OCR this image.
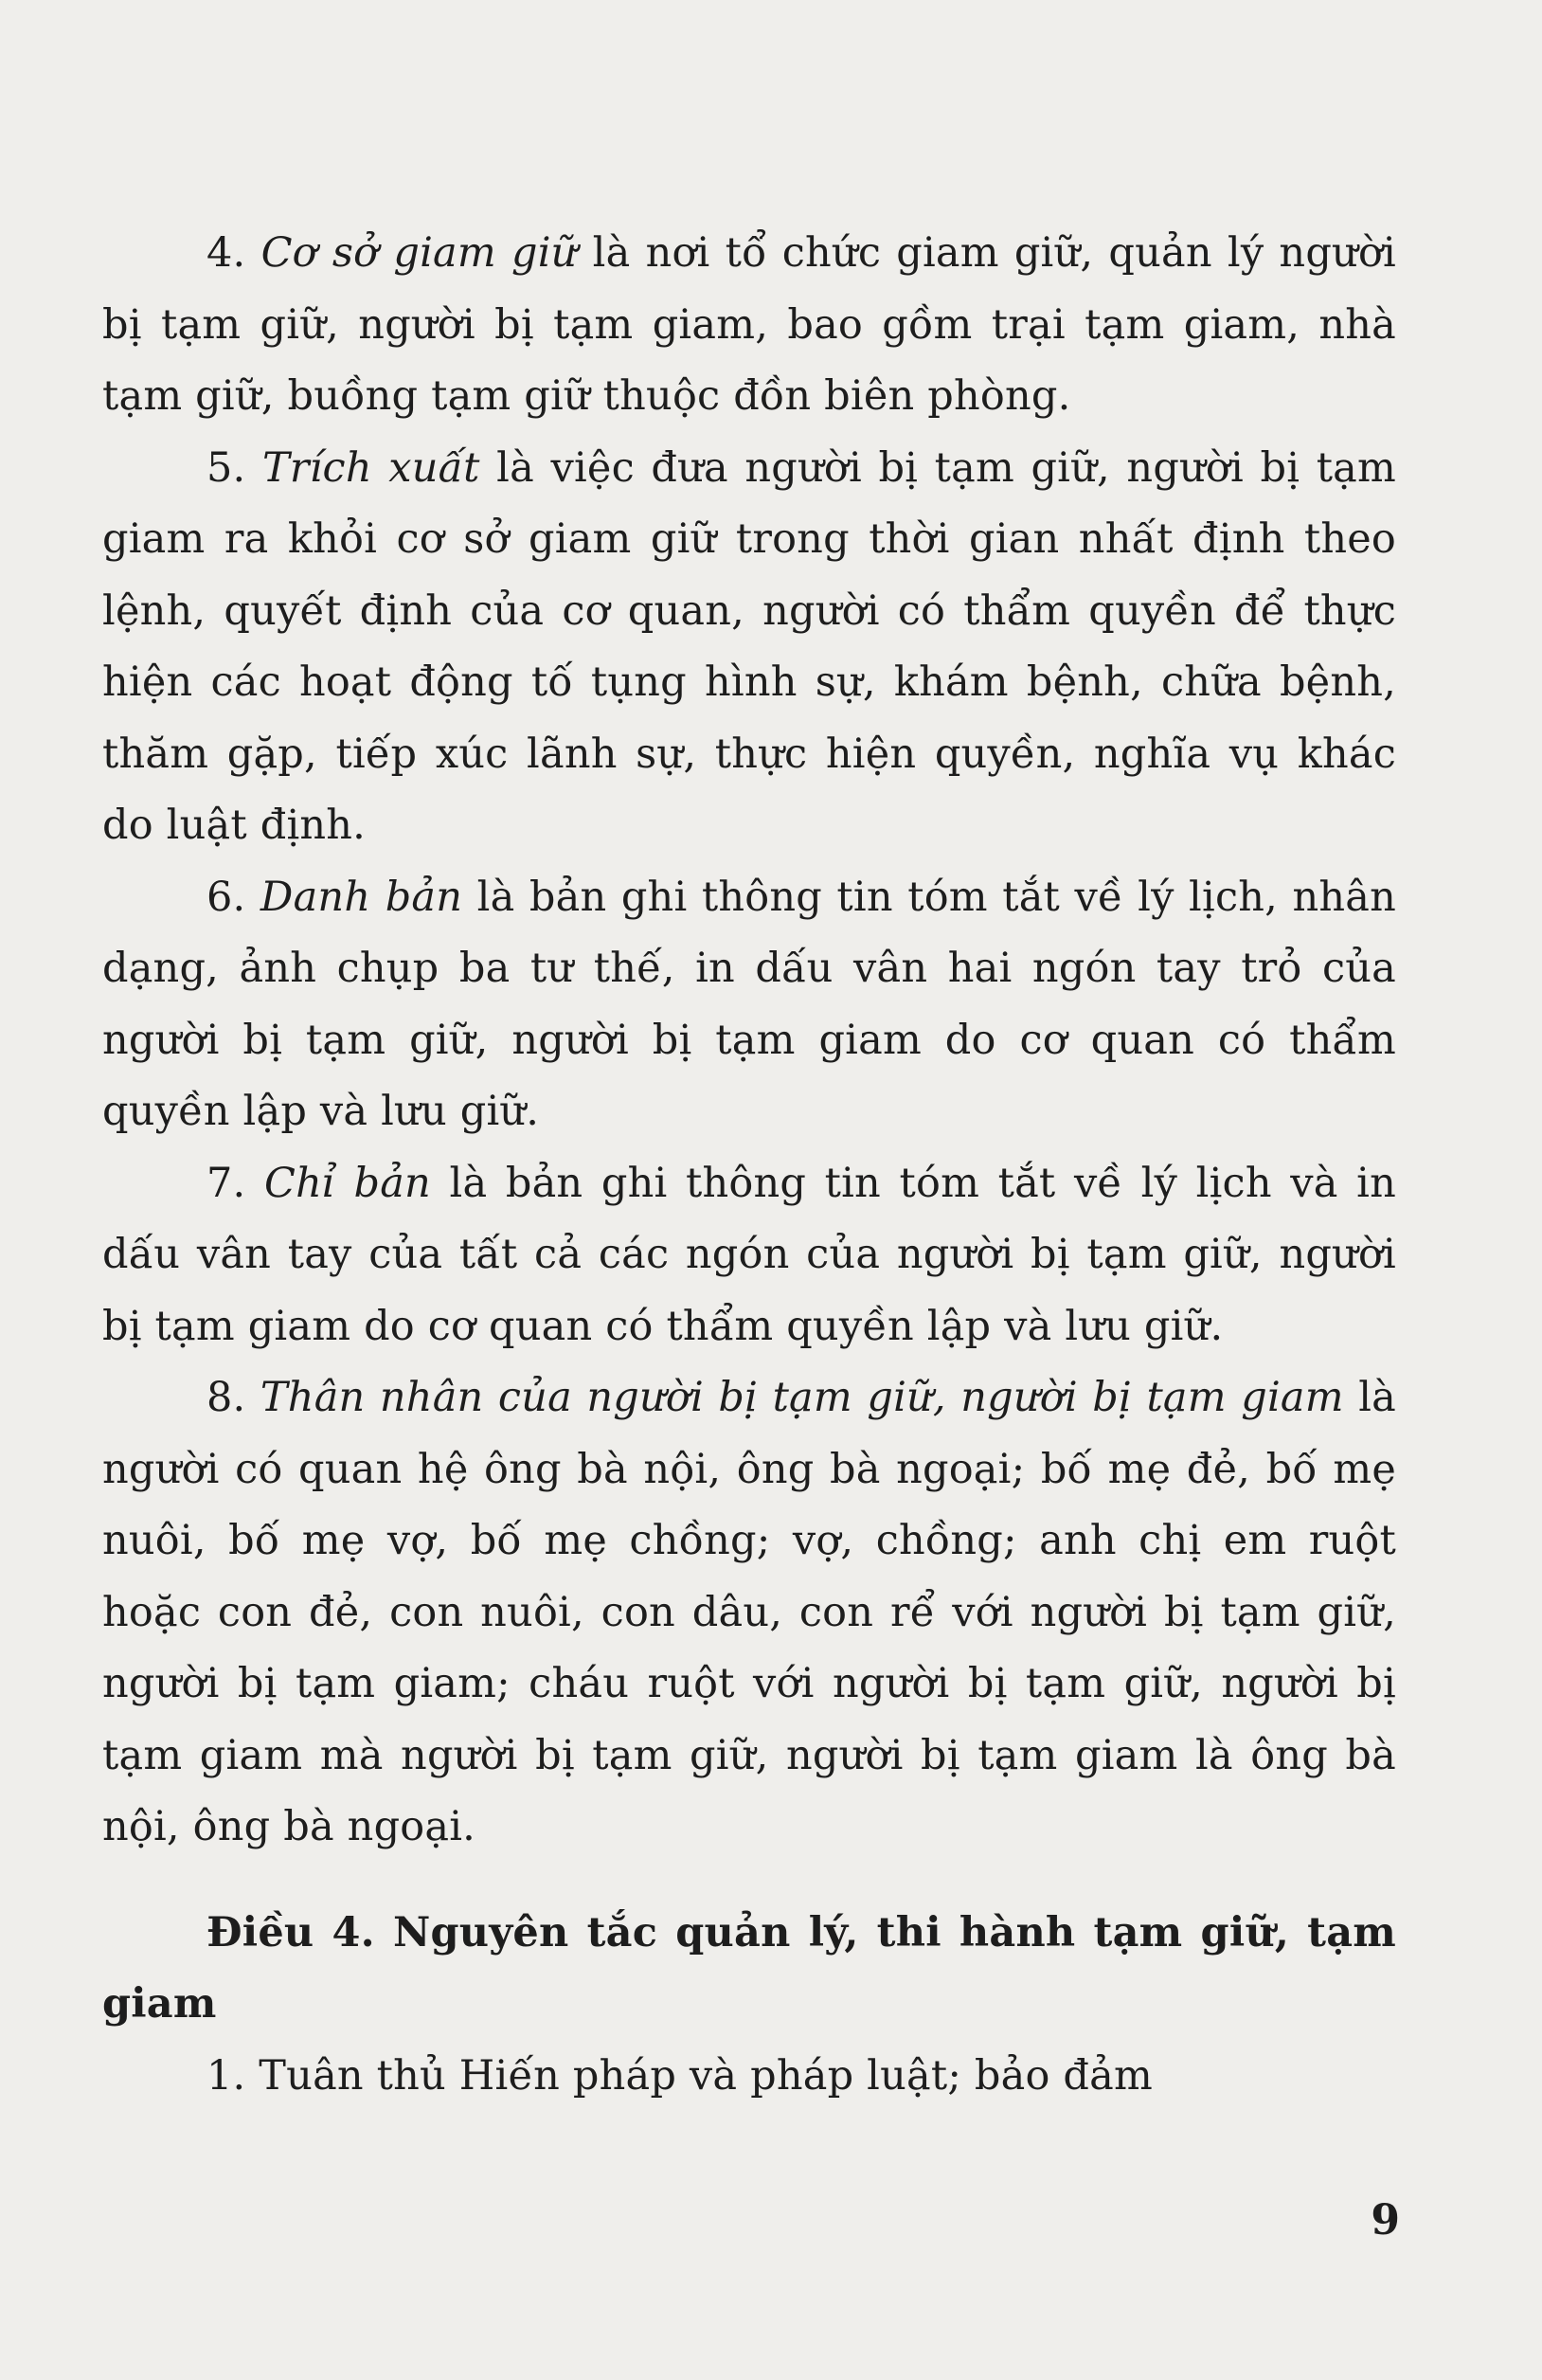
4. Cơ sở giam giữ là nơi tổ chức giam giữ, quản lý người bị tạm giữ, người bị tạm giam, bao gồm trại tạm giam, nhà tạm giữ, buồng tạm giữ thuộc đồn biên phòng.

5. Trích xuất là việc đưa người bị tạm giữ, người bị tạm giam ra khỏi cơ sở giam giữ trong thời gian nhất định theo lệnh, quyết định của cơ quan, người có thẩm quyền để thực hiện các hoạt động tố tụng hình sự, khám bệnh, chữa bệnh, thăm gặp, tiếp xúc lãnh sự, thực hiện quyền, nghĩa vụ khác do luật định.

6. Danh bản là bản ghi thông tin tóm tắt về lý lịch, nhân dạng, ảnh chụp ba tư thế, in dấu vân hai ngón tay trỏ của người bị tạm giữ, người bị tạm giam do cơ quan có thẩm quyền lập và lưu giữ.

7. Chỉ bản là bản ghi thông tin tóm tắt về lý lịch và in dấu vân tay của tất cả các ngón của người bị tạm giữ, người bị tạm giam do cơ quan có thẩm quyền lập và lưu giữ.

8. Thân nhân của người bị tạm giữ, người bị tạm giam là người có quan hệ ông bà nội, ông bà ngoại; bố mẹ đẻ, bố mẹ nuôi, bố mẹ vợ, bố mẹ chồng; vợ, chồng; anh chị em ruột hoặc con đẻ, con nuôi, con dâu, con rể với người bị tạm giữ, người bị tạm giam; cháu ruột với người bị tạm giữ, người bị tạm giam mà người bị tạm giữ, người bị tạm giam là ông bà nội, ông bà ngoại.

Điều 4. Nguyên tắc quản lý, thi hành tạm giữ, tạm giam

1. Tuân thủ Hiến pháp và pháp luật; bảo đảm

9
